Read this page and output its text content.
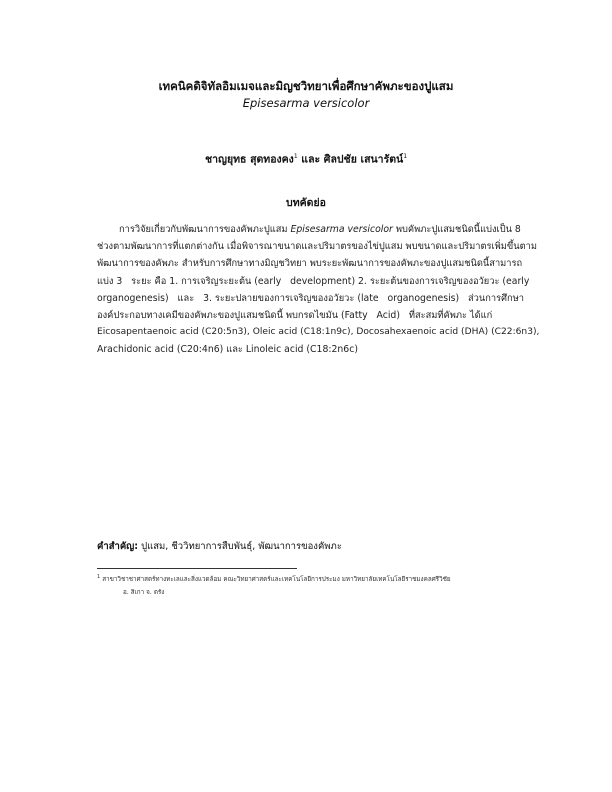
เทคนิคดิจิทัลอิมเมจและมิญชวิทยาเพื่อศึกษาคัพภะของปูแสม
Episesarma versicolor
ชาญยุทธ สุดทองคง$^1$ และ ศิลปชัย เสนารัตน์$^1$
บทคัดย่อ
การวิจัยเกี่ยวกับพัฒนาการของคัพภะปูแสม Episesarma versicolor พบคัพภะปูแสมชนิดนี้แบ่งเป็น 8
ช่วงตามพัฒนาการที่แตกต่างกัน เมื่อพิจารณาขนาดและปริมาตรของไข่ปูแสม พบขนาดและปริมาตรเพิ่มขึ้นตาม
พัฒนาการของคัพภะ สำหรับการศึกษาทางมิญชวิทยา พบระยะพัฒนาการของคัพภะของปูแสมชนิดนี้สามารถ
แบ่ง 3   ระยะ คือ 1. การเจริญระยะต้น (early   development) 2. ระยะต้นของการเจริญของอวัยวะ (early
organogenesis)   และ   3. ระยะปลายของการเจริญของอวัยวะ (late   organogenesis)   ส่วนการศึกษา
องค์ประกอบทางเคมีของคัพภะของปูแสมชนิดนี้ พบกรดไขมัน (Fatty   Acid)   ที่สะสมที่คัพภะ ได้แก่
Eicosapentaenoic acid (C20:5n3), Oleic acid (C18:1n9c), Docosahexaenoic acid (DHA) (C22:6n3),
Arachidonic acid (C20:4n6) และ Linoleic acid (C18:2n6c)
คำสำคัญ: ปูแสม, ชีววิทยาการสืบพันธุ์, พัฒนาการของคัพภะ
$^1$ สาขาวิชาชาศาสตร์ทางทะเลและสิ่งแวดล้อม คณะวิทยาศาสตร์และเทคโนโลยีการประมง มหาวิทยาลัยเทคโนโลยีราชมงคลศรีวิชัย
อ. สิเกา จ. ตรัง
